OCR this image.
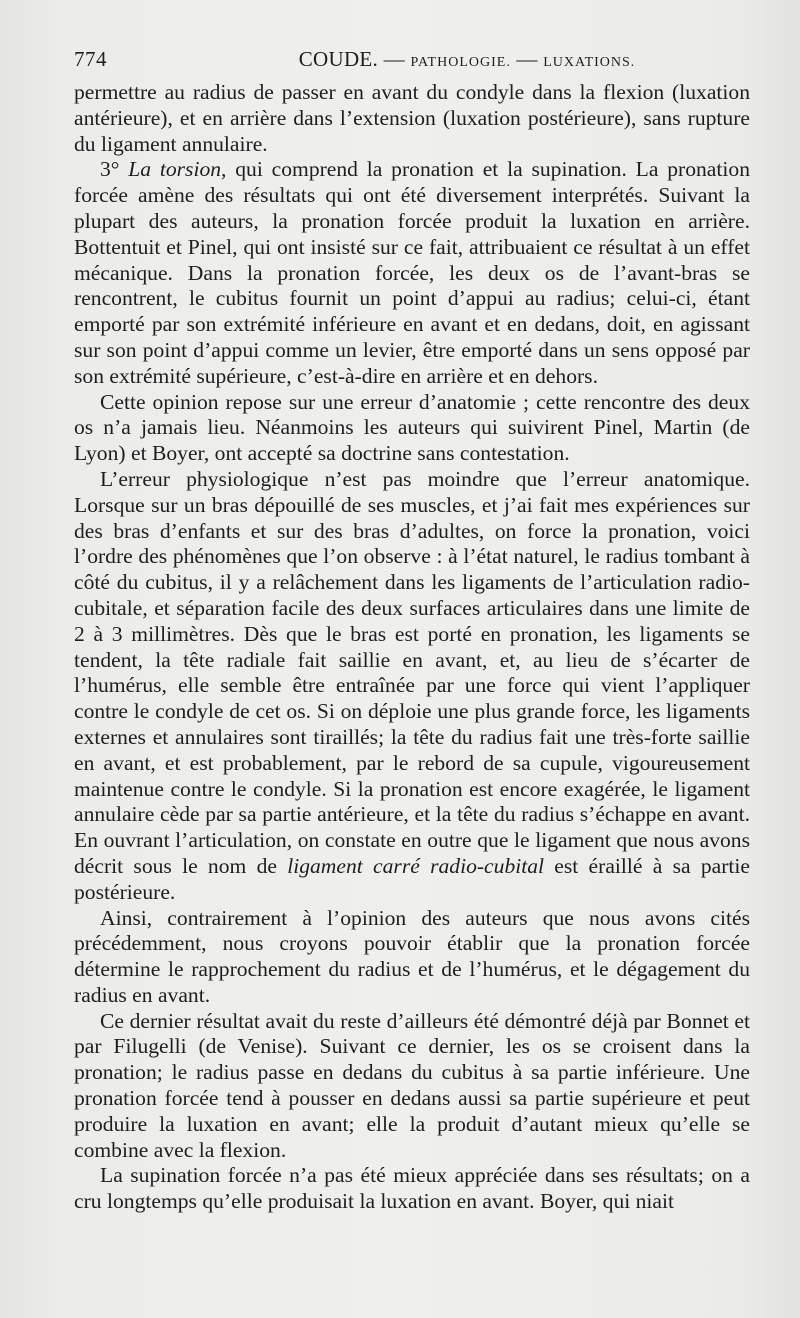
774	COUDE. — PATHOLOGIE. — LUXATIONS.

permettre au radius de passer en avant du condyle dans la flexion (luxation antérieure), et en arrière dans l’extension (luxation postérieure), sans rupture du ligament annulaire.

3° La torsion, qui comprend la pronation et la supination. La pronation forcée amène des résultats qui ont été diversement interprétés. Suivant la plupart des auteurs, la pronation forcée produit la luxation en arrière. Bottentuit et Pinel, qui ont insisté sur ce fait, attribuaient ce résultat à un effet mécanique. Dans la pronation forcée, les deux os de l’avant-bras se rencontrent, le cubitus fournit un point d’appui au radius; celui-ci, étant emporté par son extrémité inférieure en avant et en dedans, doit, en agissant sur son point d’appui comme un levier, être emporté dans un sens opposé par son extrémité supérieure, c’est-à-dire en arrière et en dehors.

Cette opinion repose sur une erreur d’anatomie ; cette rencontre des deux os n’a jamais lieu. Néanmoins les auteurs qui suivirent Pinel, Martin (de Lyon) et Boyer, ont accepté sa doctrine sans contestation.

L’erreur physiologique n’est pas moindre que l’erreur anatomique. Lorsque sur un bras dépouillé de ses muscles, et j’ai fait mes expériences sur des bras d’enfants et sur des bras d’adultes, on force la pronation, voici l’ordre des phénomènes que l’on observe : à l’état naturel, le radius tombant à côté du cubitus, il y a relâchement dans les ligaments de l’articulation radio-cubitale, et séparation facile des deux surfaces articulaires dans une limite de 2 à 3 millimètres. Dès que le bras est porté en pronation, les ligaments se tendent, la tête radiale fait saillie en avant, et, au lieu de s’écarter de l’humérus, elle semble être entraînée par une force qui vient l’appliquer contre le condyle de cet os. Si on déploie une plus grande force, les ligaments externes et annulaires sont tiraillés; la tête du radius fait une très-forte saillie en avant, et est probablement, par le rebord de sa cupule, vigoureusement maintenue contre le condyle. Si la pronation est encore exagérée, le ligament annulaire cède par sa partie antérieure, et la tête du radius s’échappe en avant. En ouvrant l’articulation, on constate en outre que le ligament que nous avons décrit sous le nom de ligament carré radio-cubital est éraillé à sa partie postérieure.

Ainsi, contrairement à l’opinion des auteurs que nous avons cités précédemment, nous croyons pouvoir établir que la pronation forcée détermine le rapprochement du radius et de l’humérus, et le dégagement du radius en avant.

Ce dernier résultat avait du reste d’ailleurs été démontré déjà par Bonnet et par Filugelli (de Venise). Suivant ce dernier, les os se croisent dans la pronation; le radius passe en dedans du cubitus à sa partie inférieure. Une pronation forcée tend à pousser en dedans aussi sa partie supérieure et peut produire la luxation en avant; elle la produit d’autant mieux qu’elle se combine avec la flexion.

La supination forcée n’a pas été mieux appréciée dans ses résultats; on a cru longtemps qu’elle produisait la luxation en avant. Boyer, qui niait
